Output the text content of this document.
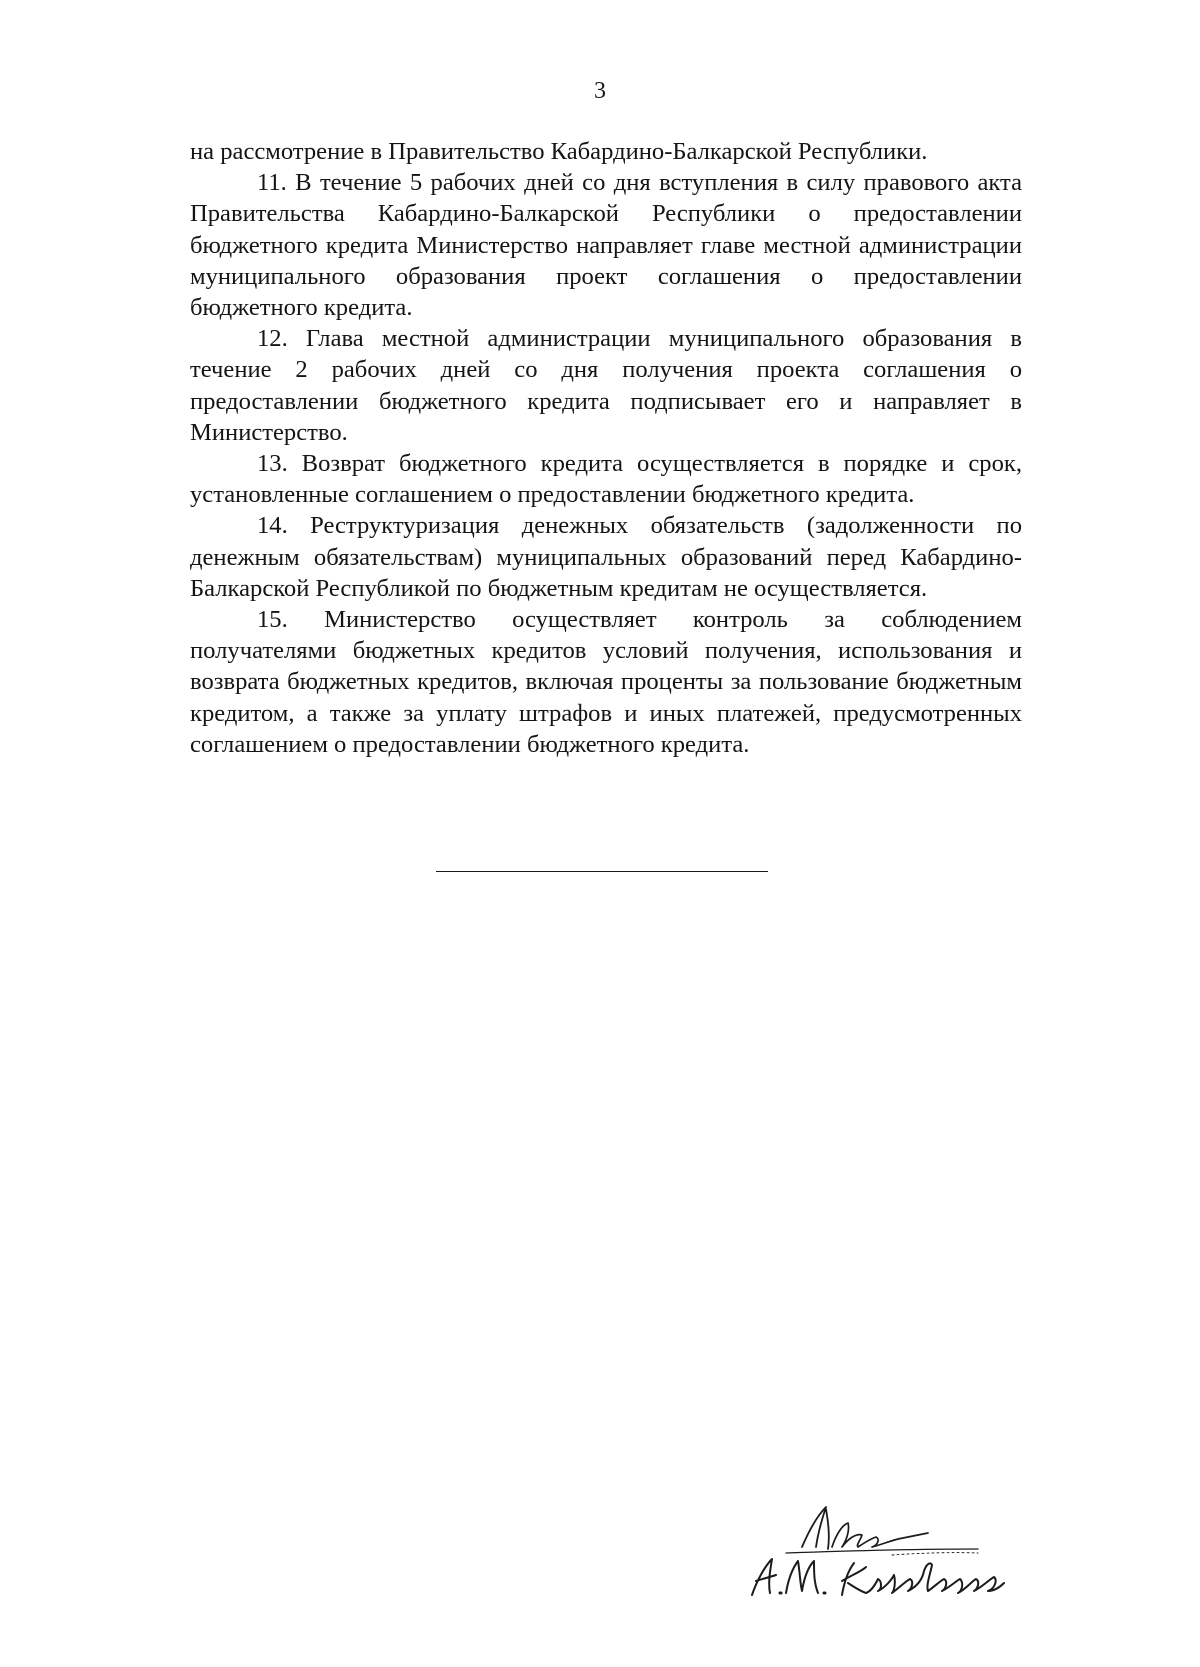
3

на рассмотрение в Правительство Кабардино-Балкарской Республики.

11. В течение 5 рабочих дней со дня вступления в силу правового акта Правительства Кабардино-Балкарской Республики о предоставлении бюджетного кредита Министерство направляет главе местной администрации муниципального образования проект соглашения о предоставлении бюджетного кредита.

12. Глава местной администрации муниципального образования в течение 2 рабочих дней со дня получения проекта соглашения о предоставлении бюджетного кредита подписывает его и направляет в Министерство.

13. Возврат бюджетного кредита осуществляется в порядке и срок, установленные соглашением о предоставлении бюджетного кредита.

14. Реструктуризация денежных обязательств (задолженности по денежным обязательствам) муниципальных образований перед Кабардино-Балкарской Республикой по бюджетным кредитам не осуществляется.

15. Министерство осуществляет контроль за соблюдением получателями бюджетных кредитов условий получения, использования и возврата бюджетных кредитов, включая проценты за пользование бюджетным кредитом, а также за уплату штрафов и иных платежей, предусмотренных соглашением о предоставлении бюджетного кредита.
